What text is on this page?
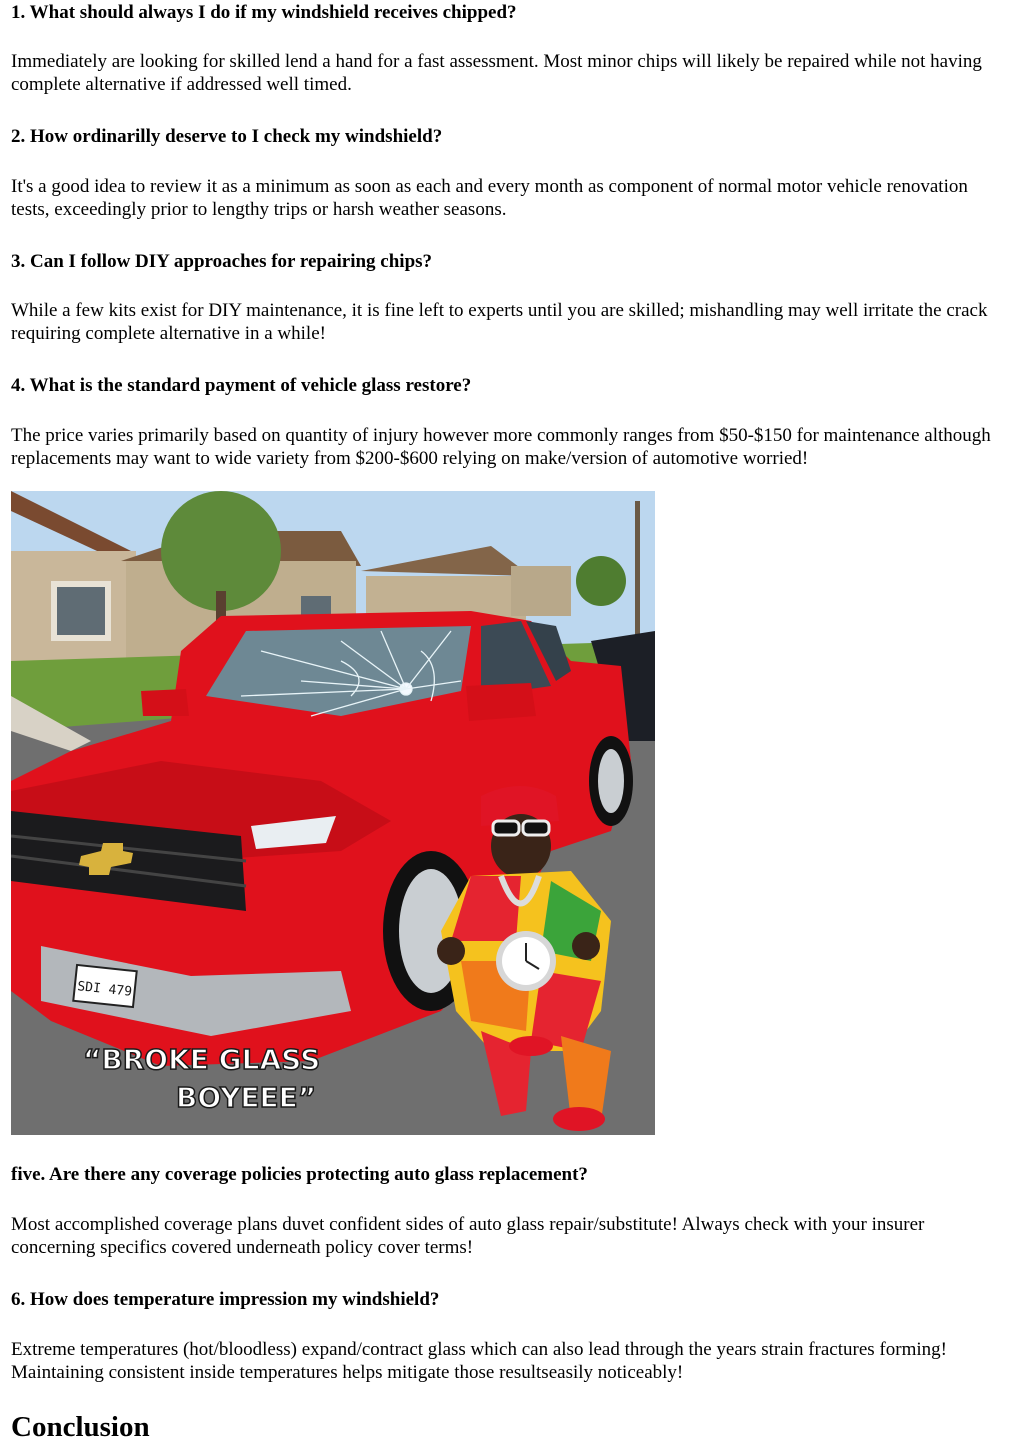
1. What should always I do if my windshield receives chipped?

Immediately are looking for skilled lend a hand for a fast assessment. Most minor chips will likely be repaired while not having complete alternative if addressed well timed.

2. How ordinarilly deserve to I check my windshield?

It's a good idea to review it as a minimum as soon as each and every month as component of normal motor vehicle renovation tests, exceedingly prior to lengthy trips or harsh weather seasons.

3. Can I follow DIY approaches for repairing chips?

While a few kits exist for DIY maintenance, it is fine left to experts until you are skilled; mishandling may well irritate the crack requiring complete alternative in a while!

4. What is the standard payment of vehicle glass restore?

The price varies primarily based on quantity of injury however more commonly ranges from $50-$150 for maintenance although replacements may want to wide variety from $200-$600 relying on make/version of automotive worried!

SDI 479
“BROKE GLASS
BOYEEE”
five. Are there any coverage policies protecting auto glass replacement?

Most accomplished coverage plans duvet confident sides of auto glass repair/substitute! Always check with your insurer concerning specifics covered underneath policy cover terms!

6. How does temperature impression my windshield?

Extreme temperatures (hot/bloodless) expand/contract glass which can also lead through the years strain fractures forming! Maintaining consistent inside temperatures helps mitigate those resultseasily noticeably!

Conclusion
